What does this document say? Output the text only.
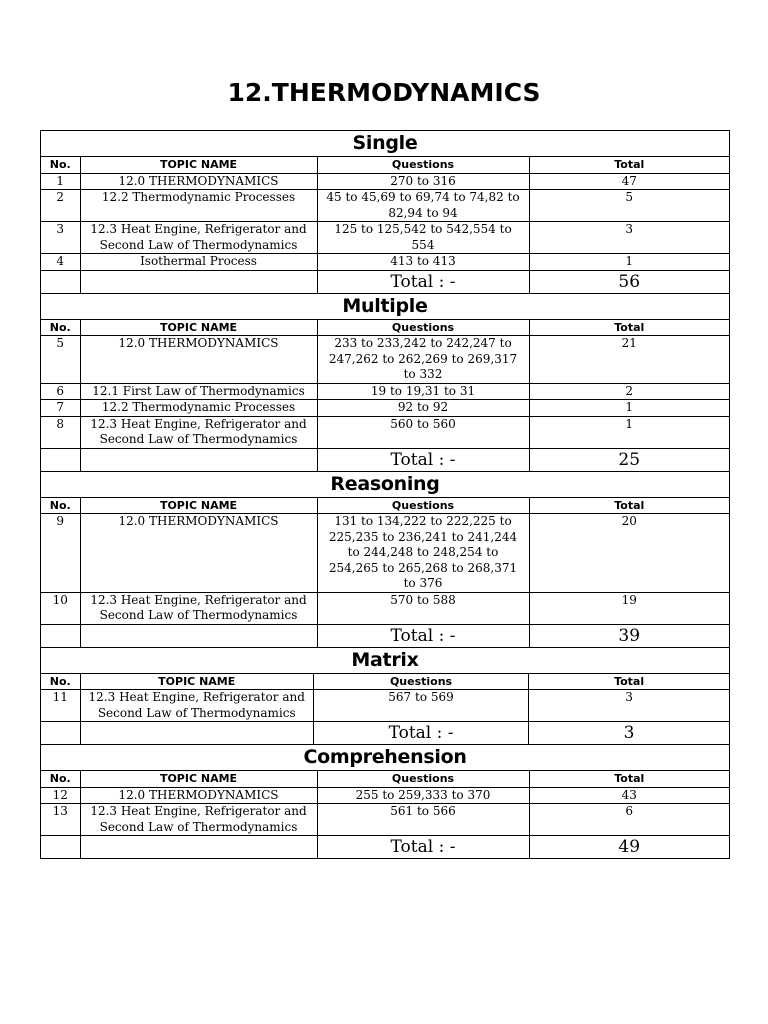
12.THERMODYNAMICS
Single
No.	TOPIC NAME	Questions	Total
1	12.0 THERMODYNAMICS	270 to 316	47
2	12.2 Thermodynamic Processes	45 to 45,69 to 69,74 to 74,82 to 82,94 to 94	5
3	12.3 Heat Engine, Refrigerator and Second Law of Thermodynamics	125 to 125,542 to 542,554 to 554	3
4	Isothermal Process	413 to 413	1
		Total : -	56
Multiple
No.	TOPIC NAME	Questions	Total
5	12.0 THERMODYNAMICS	233 to 233,242 to 242,247 to 247,262 to 262,269 to 269,317 to 332	21
6	12.1 First Law of Thermodynamics	19 to 19,31 to 31	2
7	12.2 Thermodynamic Processes	92 to 92	1
8	12.3 Heat Engine, Refrigerator and Second Law of Thermodynamics	560 to 560	1
		Total : -	25
Reasoning
No.	TOPIC NAME	Questions	Total
9	12.0 THERMODYNAMICS	131 to 134,222 to 222,225 to 225,235 to 236,241 to 241,244 to 244,248 to 248,254 to 254,265 to 265,268 to 268,371 to 376	20
10	12.3 Heat Engine, Refrigerator and Second Law of Thermodynamics	570 to 588	19
		Total : -	39
Matrix
No.	TOPIC NAME	Questions	Total
11	12.3 Heat Engine, Refrigerator and Second Law of Thermodynamics	567 to 569	3
		Total : -	3
Comprehension
No.	TOPIC NAME	Questions	Total
12	12.0 THERMODYNAMICS	255 to 259,333 to 370	43
13	12.3 Heat Engine, Refrigerator and Second Law of Thermodynamics	561 to 566	6
		Total : -	49
